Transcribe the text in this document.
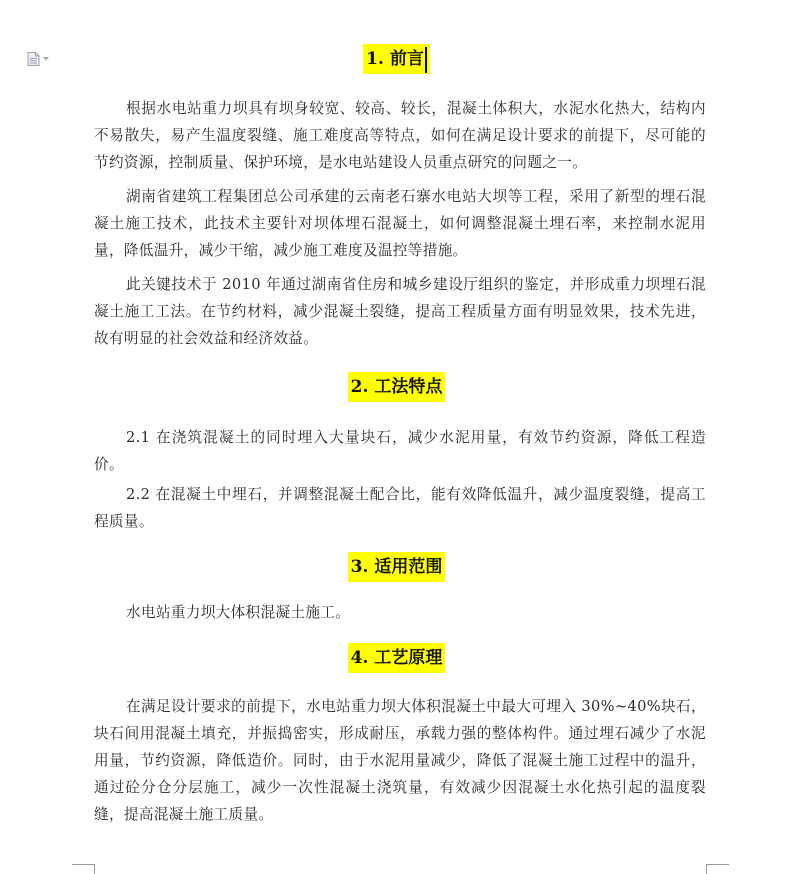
1. 前言

根据水电站重力坝具有坝身较宽、较高、较长，混凝土体积大，水泥水化热大，结构内不易散失，易产生温度裂缝、施工难度高等特点，如何在满足设计要求的前提下，尽可能的节约资源，控制质量、保护环境，是水电站建设人员重点研究的问题之一。

湖南省建筑工程集团总公司承建的云南老石寨水电站大坝等工程，采用了新型的埋石混凝土施工技术，此技术主要针对坝体埋石混凝土，如何调整混凝土埋石率，来控制水泥用量，降低温升，减少干缩，减少施工难度及温控等措施。

此关键技术于 2010 年通过湖南省住房和城乡建设厅组织的鉴定，并形成重力坝埋石混凝土施工工法。在节约材料，减少混凝土裂缝，提高工程质量方面有明显效果，技术先进，故有明显的社会效益和经济效益。

2. 工法特点

2.1 在浇筑混凝土的同时埋入大量块石，减少水泥用量，有效节约资源，降低工程造价。

2.2 在混凝土中埋石，并调整混凝土配合比，能有效降低温升，减少温度裂缝，提高工程质量。

3. 适用范围

水电站重力坝大体积混凝土施工。

4. 工艺原理

在满足设计要求的前提下，水电站重力坝大体积混凝土中最大可埋入 30%~40%块石，块石间用混凝土填充，并振捣密实，形成耐压，承载力强的整体构件。通过埋石减少了水泥用量，节约资源，降低造价。同时，由于水泥用量减少，降低了混凝土施工过程中的温升，通过砼分仓分层施工，减少一次性混凝土浇筑量，有效减少因混凝土水化热引起的温度裂缝，提高混凝土施工质量。
